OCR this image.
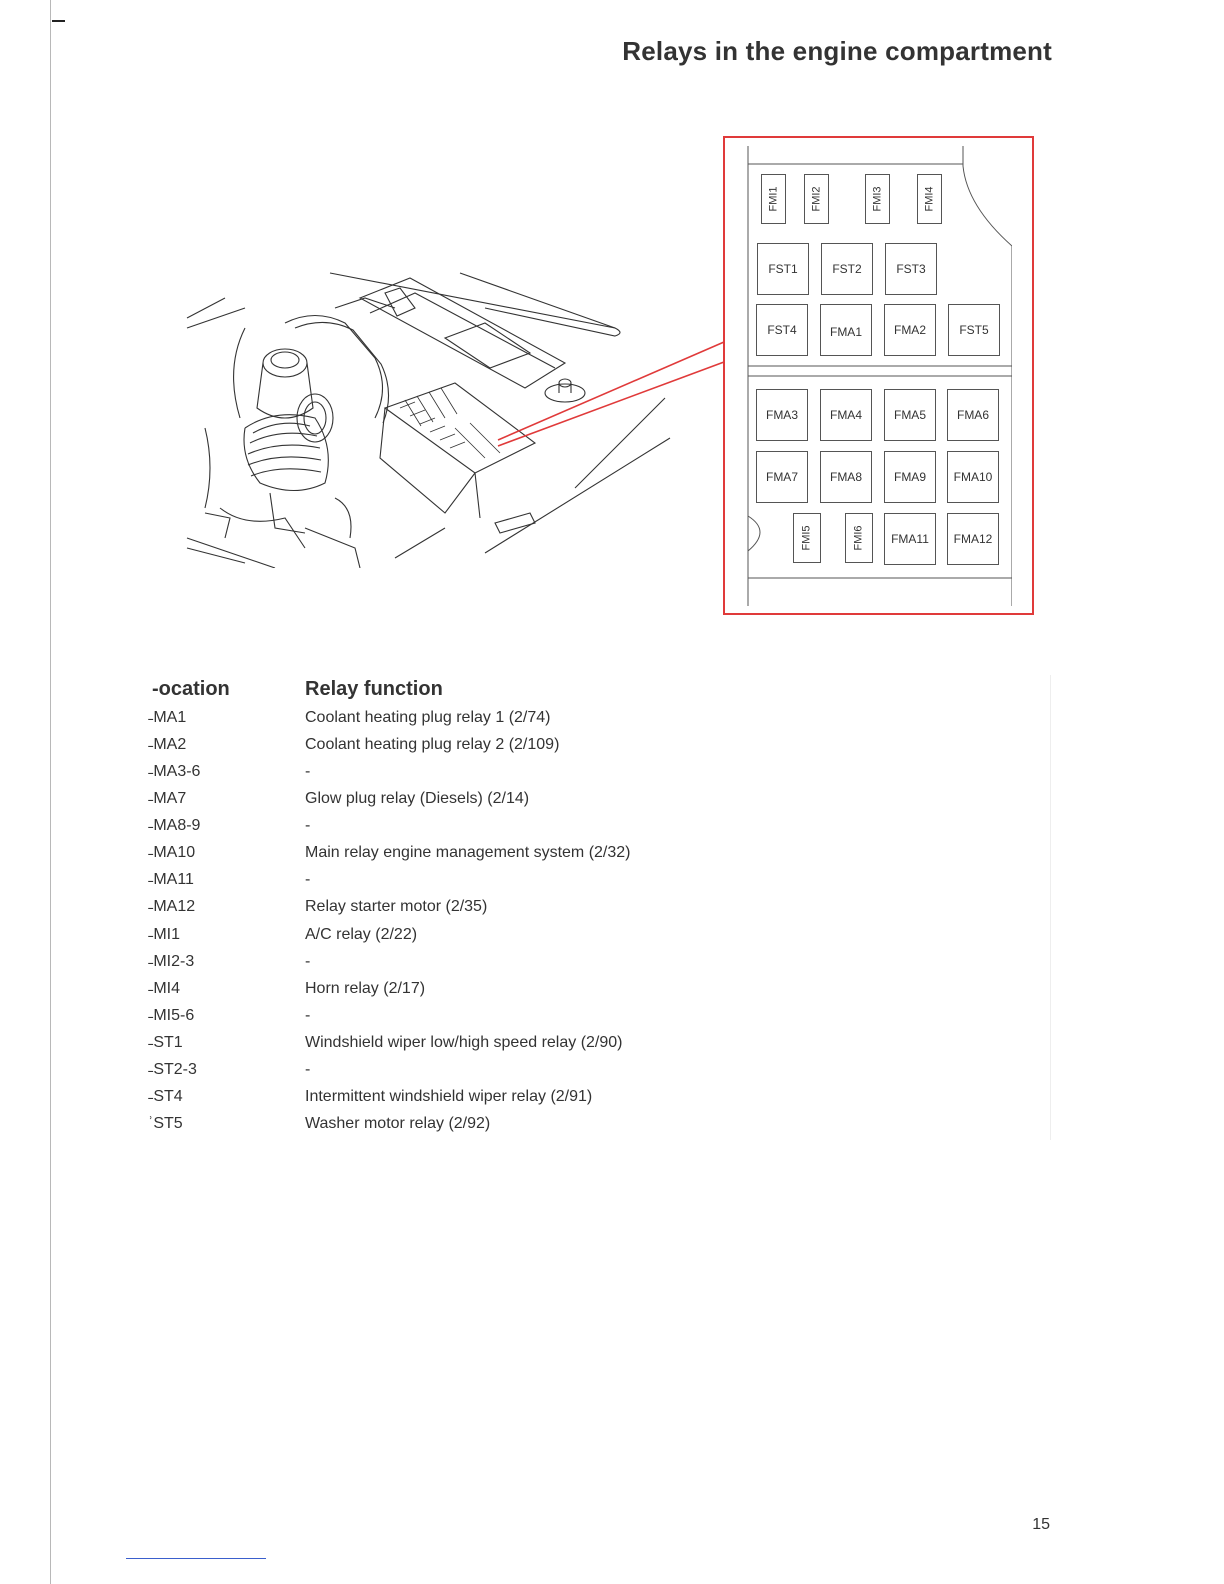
Relays in the engine compartment
FMI1	FMI2	FMI3	FMI4
FST1	FST2	FST3
FST4	FMA1	FMA2	FST5
FMA3	FMA4	FMA5	FMA6
FMA7	FMA8	FMA9 FMA10
FMI5	FMI6 FMA11 FMA12
-ocation	Relay function
˗MA1	Coolant heating plug relay 1 (2/74)
˗MA2	Coolant heating plug relay 2 (2/109)
˗MA3-6	-
˗MA7	Glow plug relay (Diesels) (2/14)
˗MA8-9	-
˗MA10	Main relay engine management system (2/32)
˗MA11	-
˗MA12	Relay starter motor (2/35)
˗MI1	A/C relay (2/22)
˗MI2-3	-
˗MI4	Horn relay (2/17)
˗MI5-6	-
˗ST1	Windshield wiper low/high speed relay (2/90)
˗ST2-3	-
˗ST4	Intermittent windshield wiper relay (2/91)
ʾST5	Washer motor relay (2/92)
15
